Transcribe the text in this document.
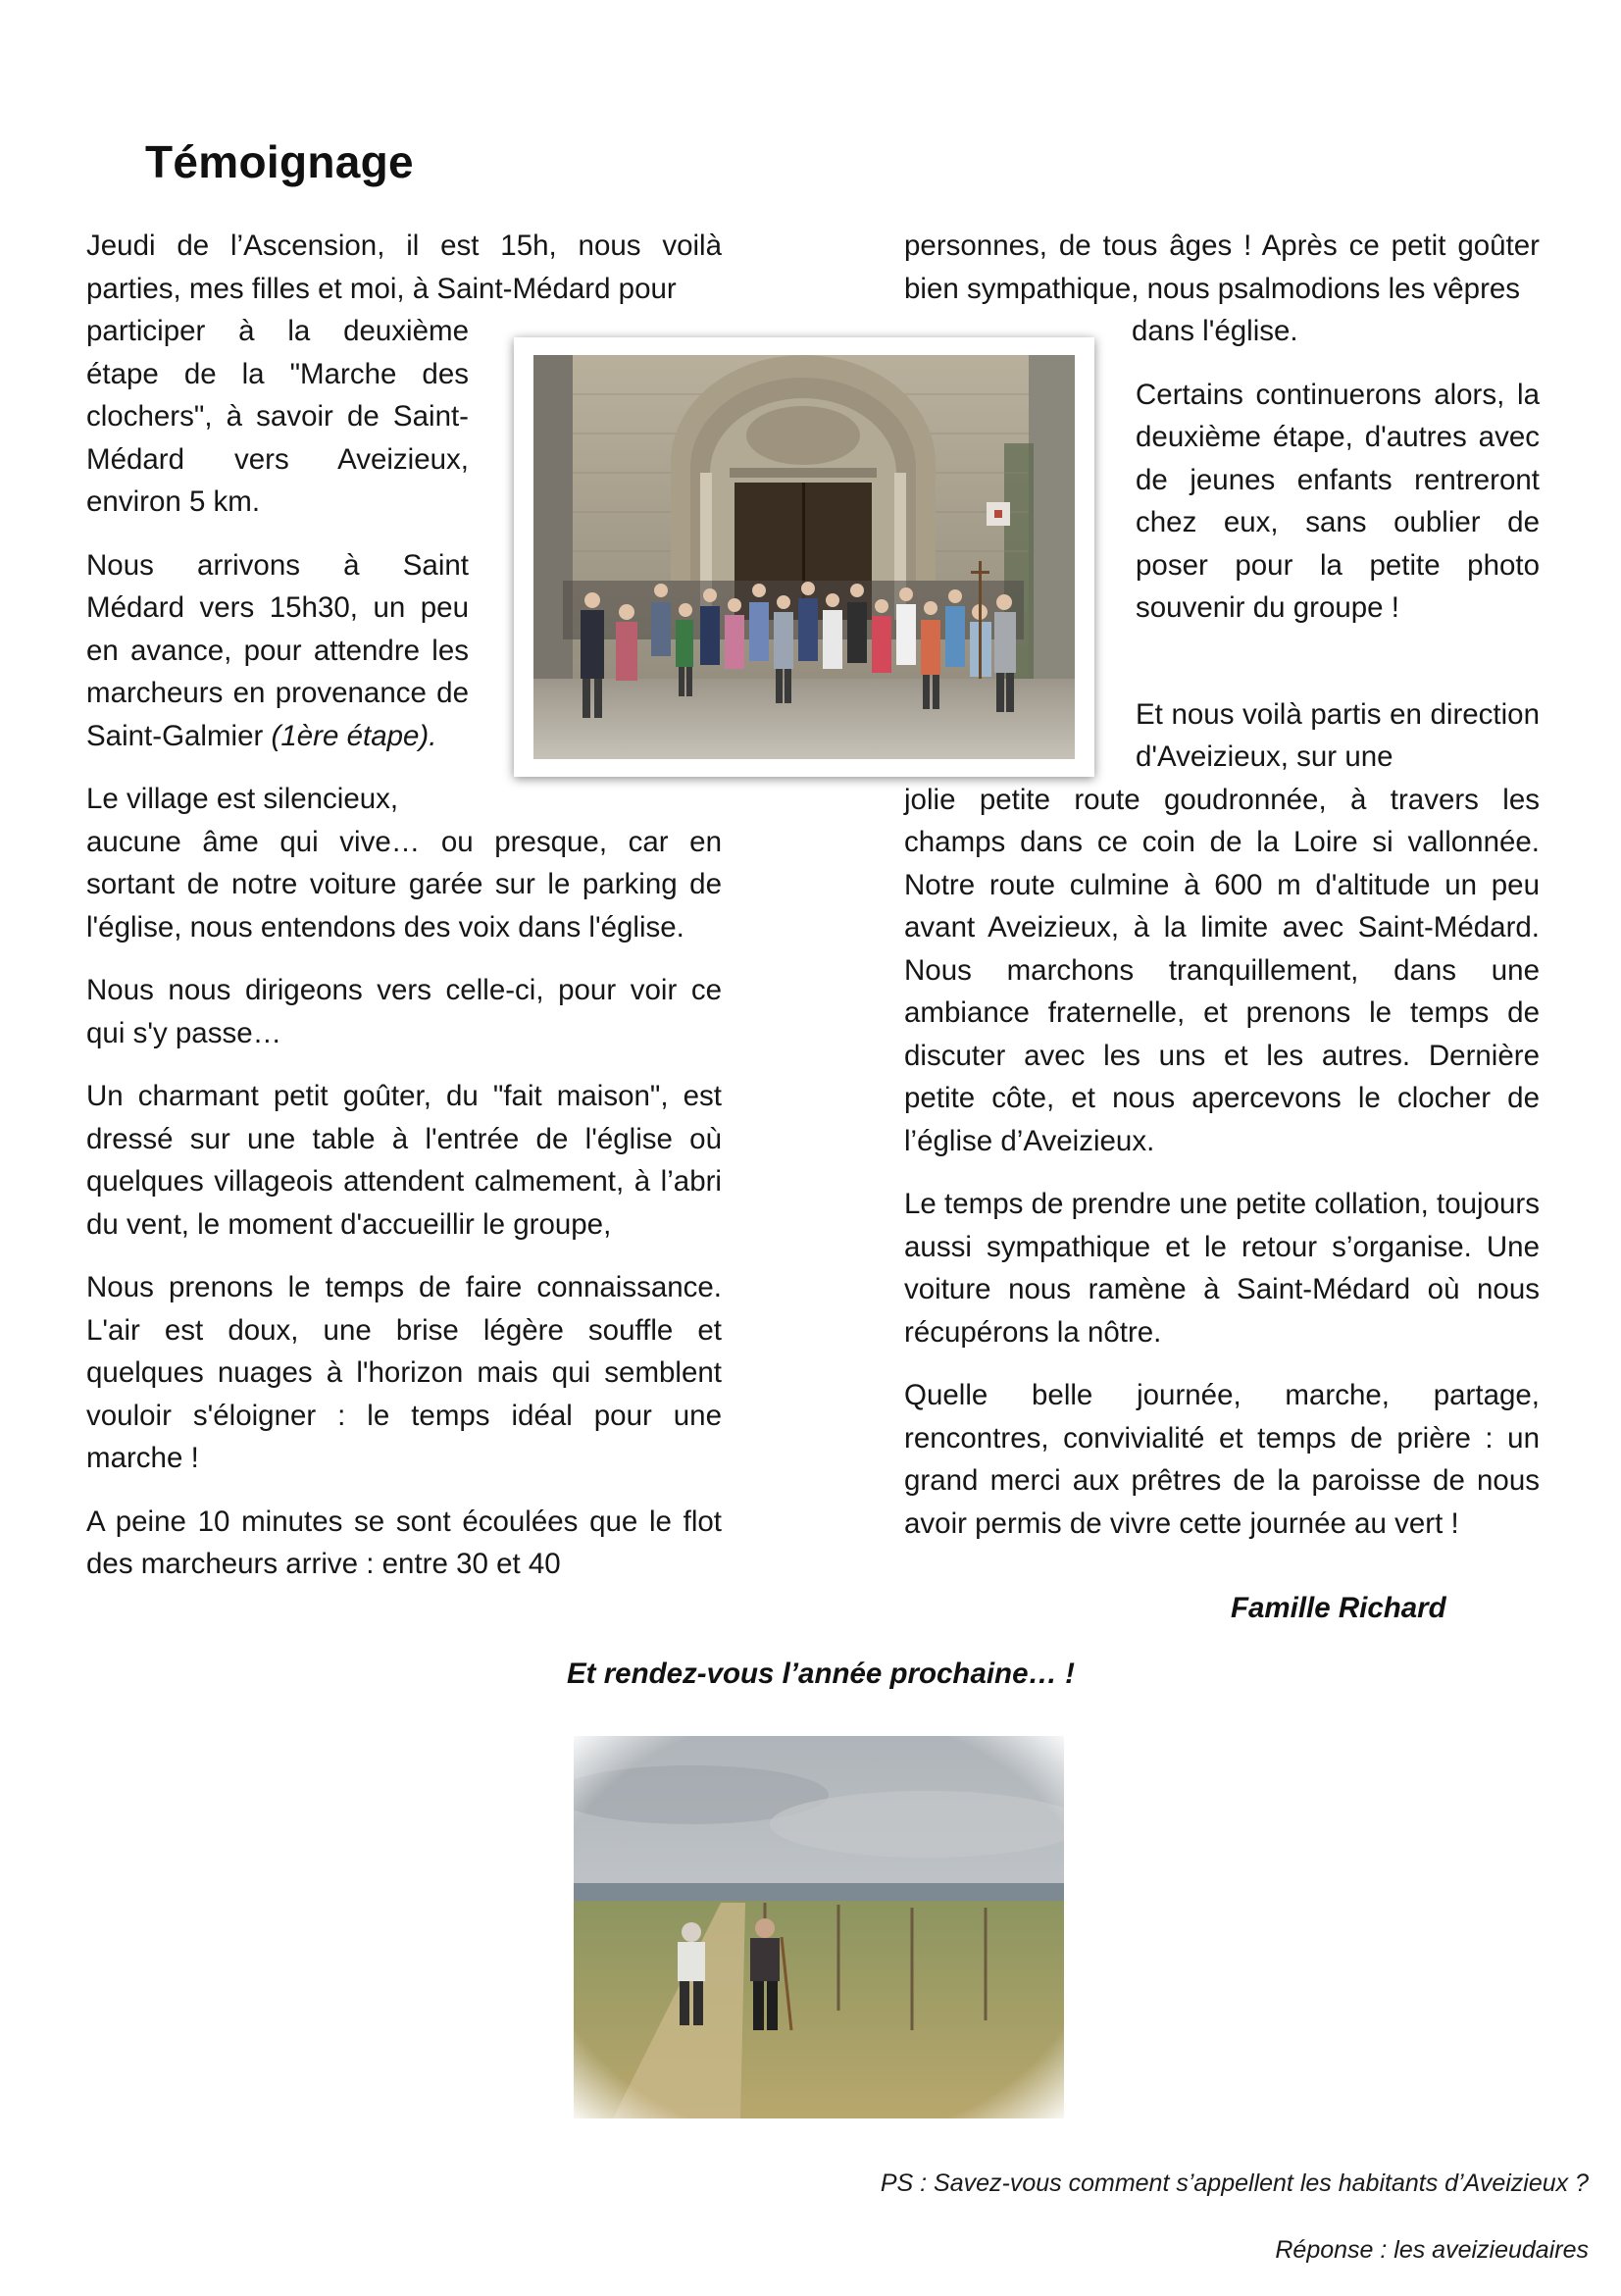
Témoignage

Jeudi de l’Ascension, il est 15h, nous voilà parties, mes filles et moi, à Saint-Médard pour

participer à la deuxième étape de la "Marche des clochers", à savoir de Saint-Médard vers Aveizieux, environ 5 km.

Nous arrivons à Saint Médard vers 15h30, un peu en avance, pour attendre les marcheurs en provenance de Saint-Galmier (1ère étape).

Le village est silencieux,
aucune âme qui vive… ou presque, car en sortant de notre voiture garée sur le parking de l'église, nous entendons des voix dans l'église.

Nous nous dirigeons vers celle-ci, pour voir ce qui s'y passe…

Un charmant petit goûter, du "fait maison", est dressé sur une table à l'entrée de l'église où quelques villageois attendent calmement, à l’abri du vent, le moment d'accueillir le groupe,

Nous prenons le temps de faire connaissance. L'air est doux, une brise légère souffle et quelques nuages à l'horizon mais qui semblent vouloir s'éloigner : le temps idéal pour une marche !

A peine 10 minutes se sont écoulées que le flot des marcheurs arrive : entre 30 et 40

personnes, de tous âges ! Après ce petit goûter bien sympathique, nous psalmodions les vêpres

dans l'église.

Certains continuerons alors, la deuxième étape, d'autres avec de jeunes enfants rentreront chez eux, sans oublier de poser pour la petite photo souvenir du groupe !

Et nous voilà partis en direction d'Aveizieux, sur une
jolie petite route goudronnée, à travers les champs dans ce coin de la Loire si vallonnée. Notre route culmine à 600 m d'altitude un peu avant Aveizieux, à la limite avec Saint-Médard. Nous marchons tranquillement, dans une ambiance fraternelle, et prenons le temps de discuter avec les uns et les autres. Dernière petite côte, et nous apercevons le clocher de l’église d’Aveizieux.

Le temps de prendre une petite collation, toujours aussi sympathique et le retour s’organise. Une voiture nous ramène à Saint-Médard où nous récupérons la nôtre.

Quelle belle journée, marche, partage, rencontres, convivialité et temps de prière : un grand merci aux prêtres de la paroisse de nous avoir permis de vivre cette journée au vert !

Famille Richard
Et rendez-vous l’année prochaine… !
PS : Savez-vous comment s’appellent les habitants d’Aveizieux ?
Réponse : les aveizieudaires
